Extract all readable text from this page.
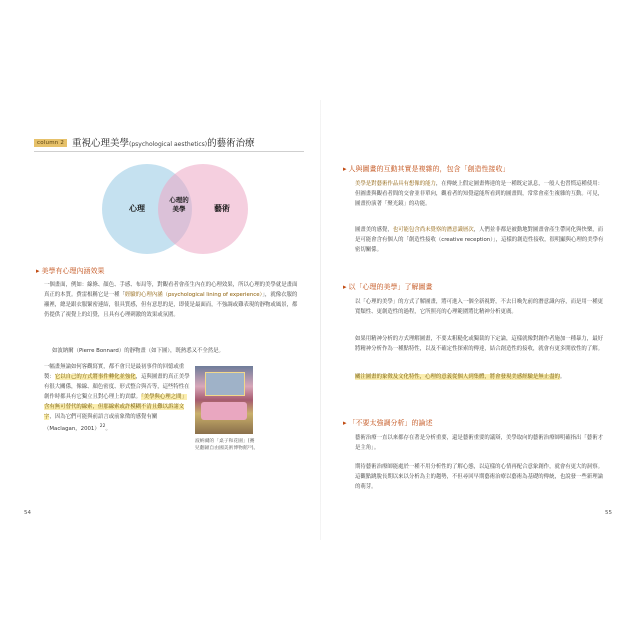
column 2 重視心理美學(psychological aesthetics)的藝術治療
心理
心理的
美學	藝術
▸ 美學有心理內涵效果
一個畫面，例如：線條、顏色、手感、布局等，對觀看者會產生內在的心理效果，所以心理的美學就是畫面真正的本質。費雷根稱它是一種「經驗的心理內涵（psychological lining of experience）」，就像衣服的襯裡，總是跟衣服緊密連結，很具質感，但有意思的是，即使是最面而，不強調或雞表現的靜物或風景，都仍提供了視覺上的幻覺，且具有心理刺激的效果或氛圍。
如波納爾（Pierre Bonnard）的靜物畫（如下圖），既熱悉又不全然是。
一幅畫無論如何客觀寫實，都不會只是最初事件的回憶或重製：它以自己的方式將事件轉化並強化，這與圖畫的真正美學有很大關係，像線、顏色密度、形式整合與否等，這些特性在創作時都具有它獨立且對心理上的貢獻。「美學與心理之間」含有無可替代的線索，但那線索或許模糊不清且難以訴諸文字，因為它們可能與前語言或前象徵的感覺有關（Maclagan，2001）$^{22}$。
波納爾的「桌子和花園」(賽兒翻穎自由國美術博物館²³)。
54
▸ 人與圖畫的互動其實是複雜的，包含「創造性接收」
美學是對藝術作品具有想像的能力，在傳統上假定圖畫傳達的是一種既定訊息，一般人也習慣這種使用：但圖畫與觀看者間的交會並非單向，觀看者的知覺還能所看到的圖畫間，常常會產生複雜的互動。可見，圖畫扮演著「聚光鏡」的功能。
圖畫美的感覺，也可能包含尚未覺察的潛意識層次，人們並非都是被動地對圖畫會產生帶同化與快樂，而是可能會含有個人的「創造性接收（creative reception）」，這樣的創造性接收，很明顯與心理的美學有密切關係。
▸ 以「心理的美學」了解圖畫
以「心理的美學」的方式了解圖畫，將可進入一個全新視野，不去日喚先前的潛意識內容，而是用一種更寬類性、更創造性的過程，它所照亮的心理範圍將比精神分析更廣。
如果用精神分析的方式理解圖畫，不要太粗糙化或獨裁的下定論，這樣就像對創作者施加一種暴力，最好將精神分析作為一種點特性，以及不確定性探索的傳達，結合創造性的接收，就會有更多開放性的了解。
關注圖畫的象徵及文化特性，心理的意義從個人到集體，將會發現美感經驗是無止盡的。
▸ 「不要太強調分析」的論述
藝術治療一直以來都存在著是分析重要，還是藝術重要的議辯，美學取向的藝術治療師明確指出「藝術才是主角」。
期待藝術治療師能處於一種不用分析性的了解心態，以這樣的心情再配合意象創作，就會有更大的洞察。這觀點跳脫長期以來以分析為主的趨勢，不但尋回早期藝術治療以藝術為基礎的傳統，也說發一些新理論的萌芽。
55
